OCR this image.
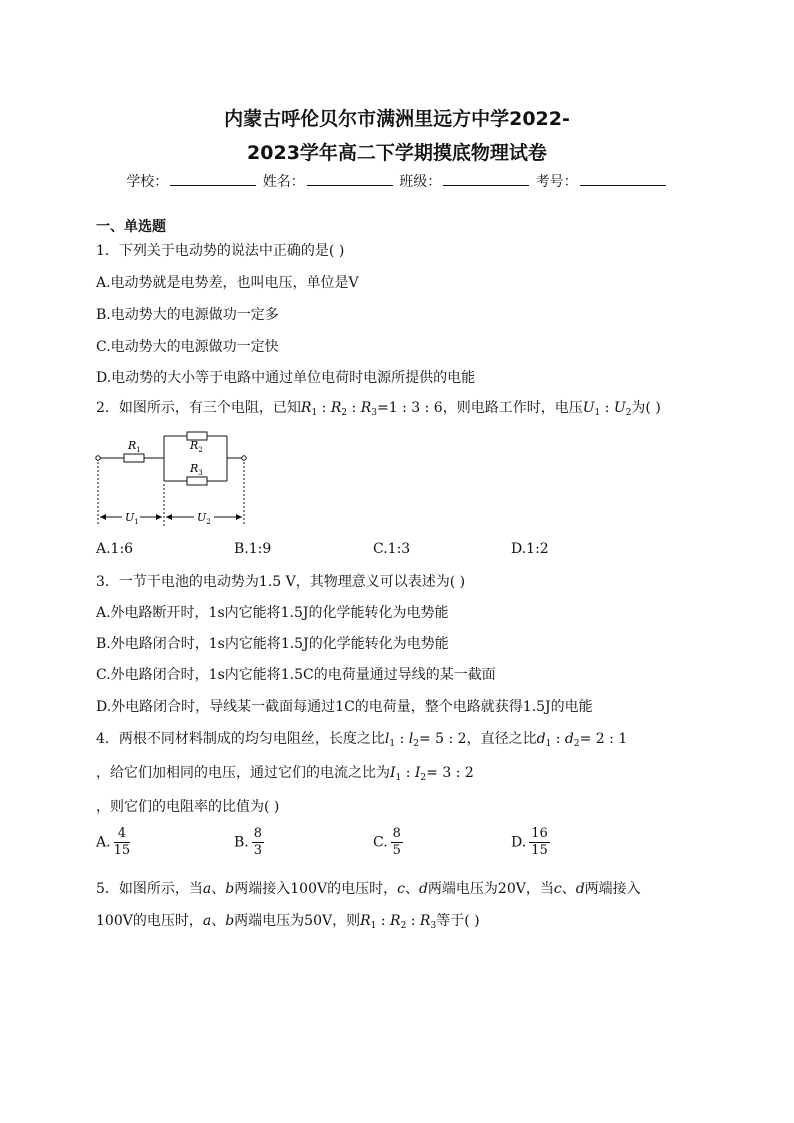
内蒙古呼伦贝尔市满洲里远方中学2022-
2023学年高二下学期摸底物理试卷
学校：	姓名：	班级：	考号：
一、单选题
1．下列关于电动势的说法中正确的是( )
A.电动势就是电势差，也叫电压，单位是V
B.电动势大的电源做功一定多
C.电动势大的电源做功一定快
D.电动势的大小等于电路中通过单位电荷时电源所提供的电能
2．如图所示，有三个电阻，已知$R_1$ : $R_2$ : $R_3=1$ : 3 : 6，则电路工作时，电压$U_1$ : $U_2$为( )
$R_1$	$R_2$
$R_3$
$U_1$	$U_2$
A.1:6	B.1:9	C.1:3	D.1:2
3．一节干电池的电动势为1.5 V，其物理意义可以表述为( )
A.外电路断开时，1s内它能将1.5J的化学能转化为电势能
B.外电路闭合时，1s内它能将1.5J的化学能转化为电势能
C.外电路闭合时，1s内它能将1.5C的电荷量通过导线的某一截面
D.外电路闭合时，导线某一截面每通过1C的电荷量，整个电路就获得1.5J的电能
4．两根不同材料制成的均匀电阻丝，长度之比$l_1$ : $l_2= 5$ : 2，直径之比$d_1$ : $d_2= 2$ : 1
，给它们加相同的电压，通过它们的电流之比为$I_1$ : $I_2= 3$ : 2
，则它们的电阻率的比值为( )
A. $\frac{4}{15}$	B. $\frac{8}{3}$	C. $\frac{8}{5}$	D. $\frac{16}{15}$
5．如图所示，当a、b两端接入100V的电压时，c、d两端电压为20V，当c、d两端接入
100V的电压时，a、b两端电压为50V，则$R_1$ : $R_2$ : $R_3$等于( )
